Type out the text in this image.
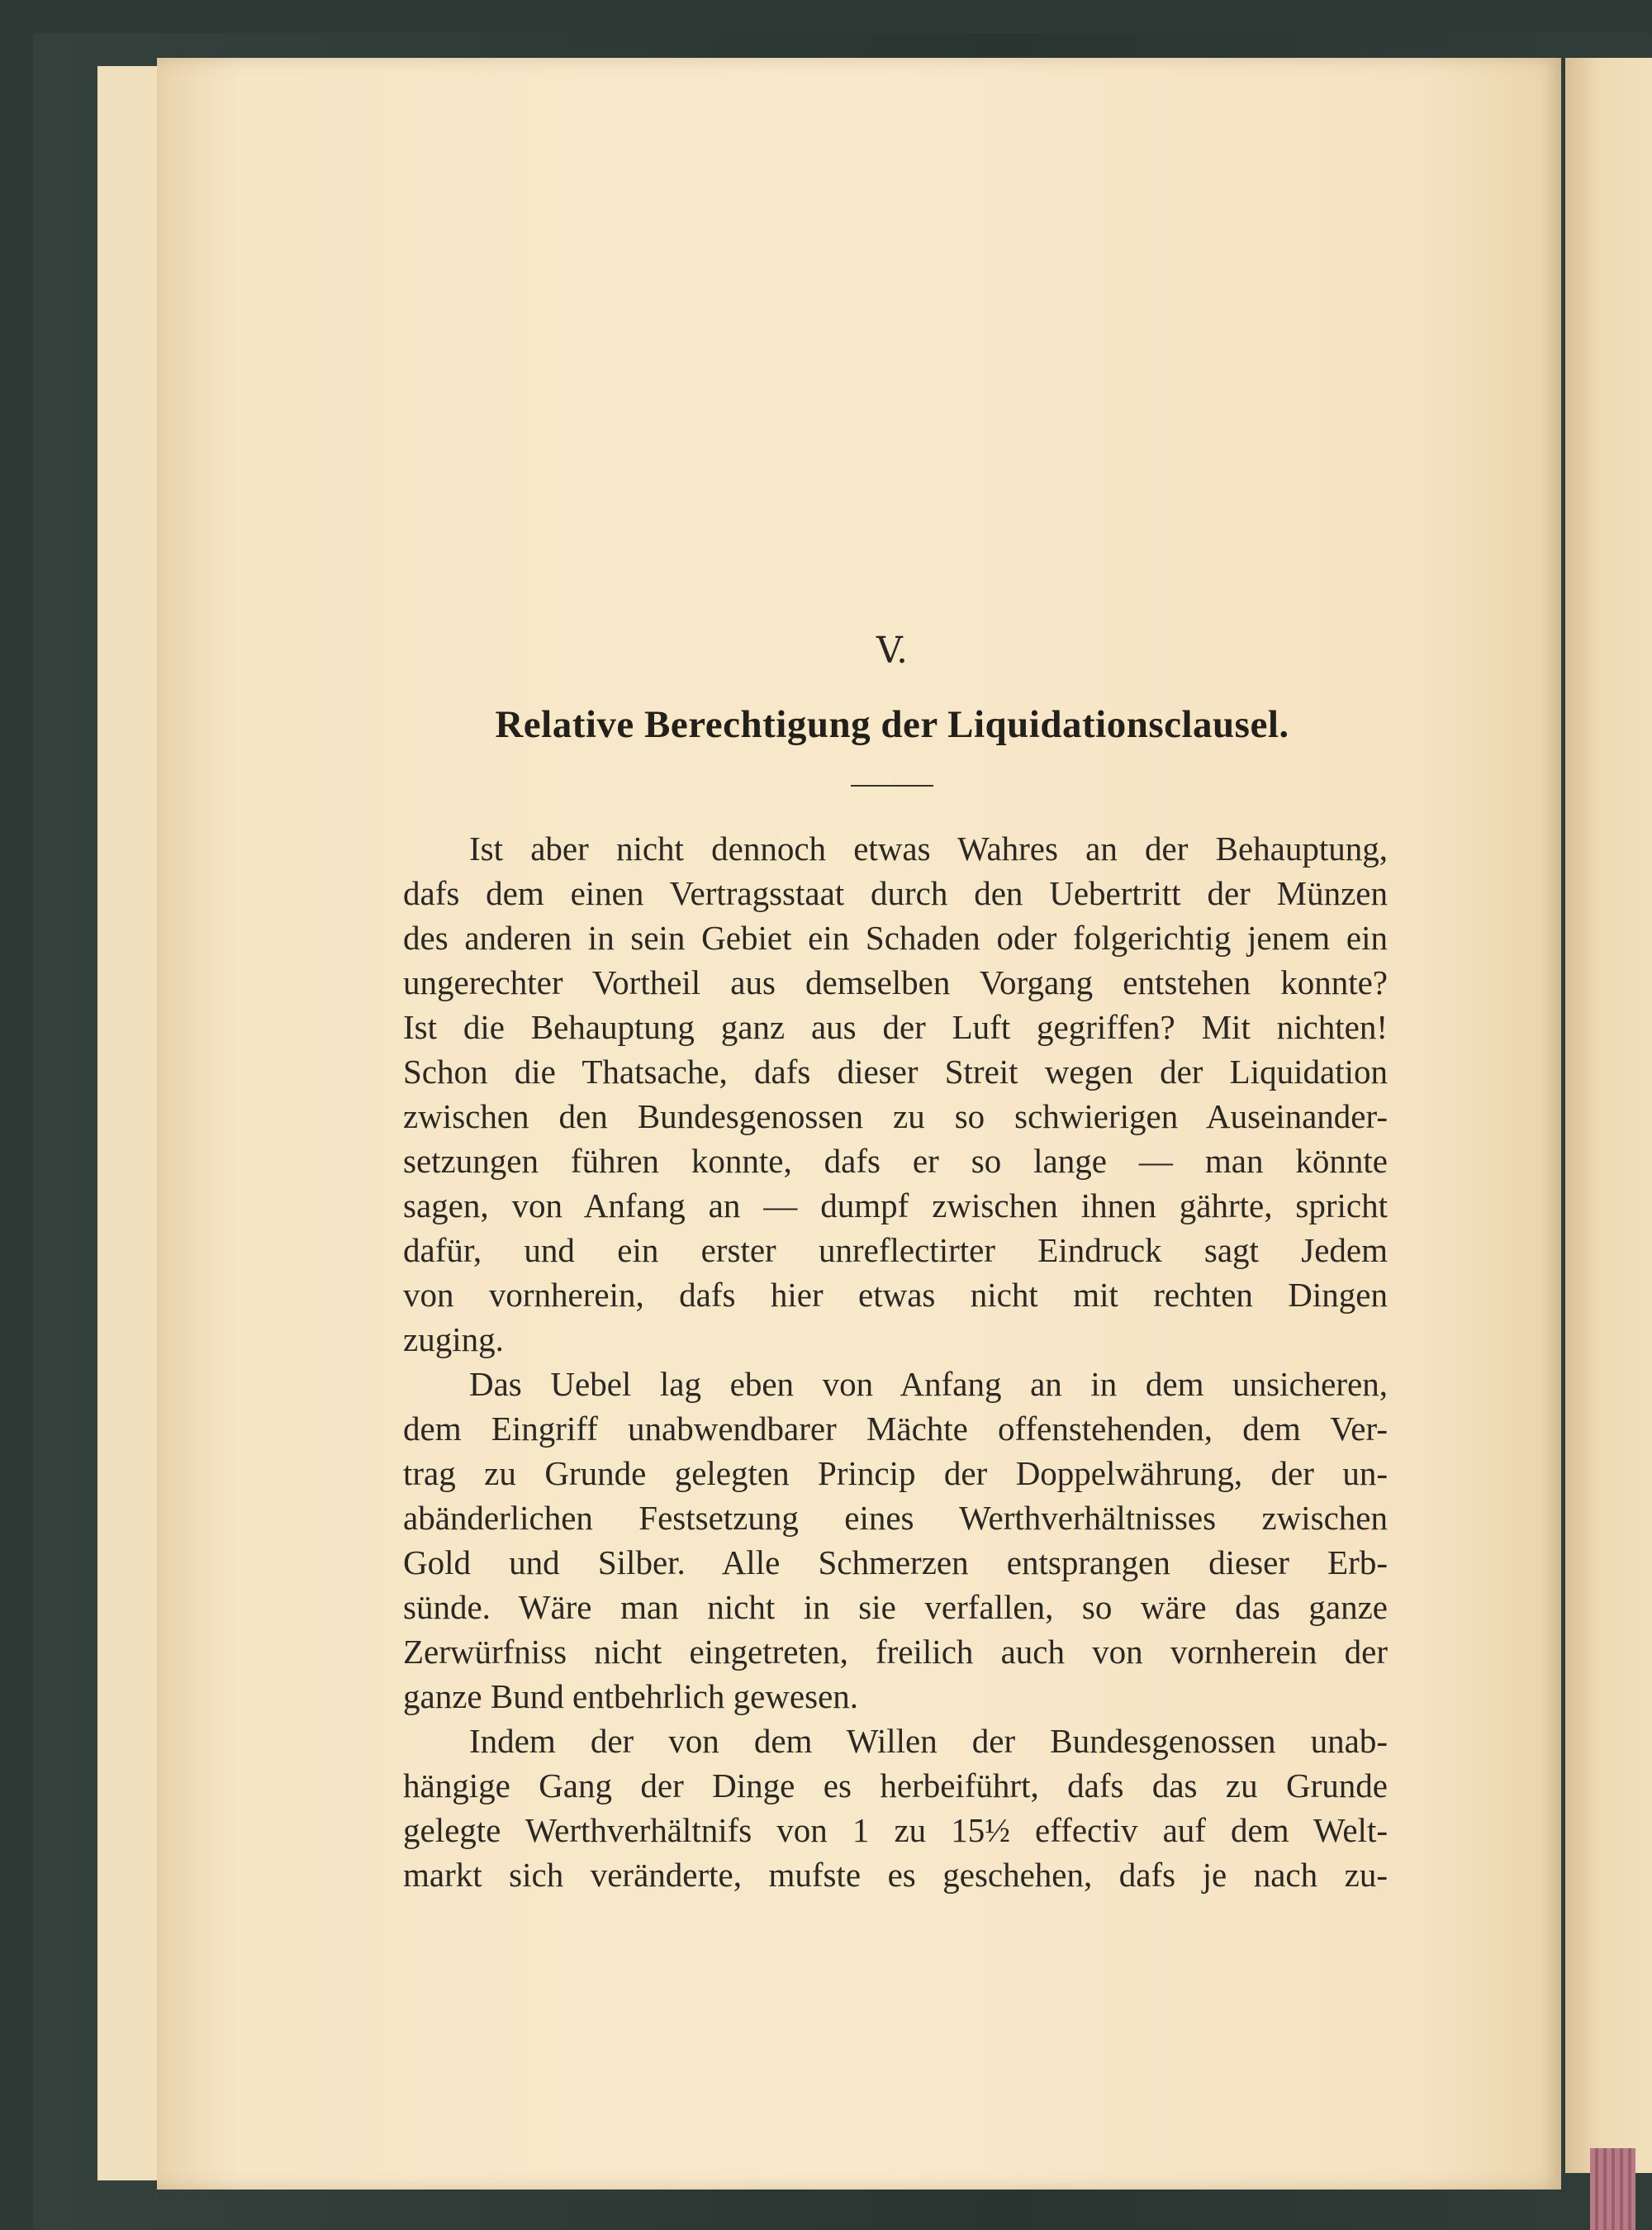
V.
Relative Berechtigung der Liquidationsclausel.
Ist aber nicht dennoch etwas Wahres an der Behauptung,
dafs dem einen Vertragsstaat durch den Uebertritt der Münzen
des anderen in sein Gebiet ein Schaden oder folgerichtig jenem ein
ungerechter Vortheil aus demselben Vorgang entstehen konnte?
Ist die Behauptung ganz aus der Luft gegriffen? Mit nichten!
Schon die Thatsache, dafs dieser Streit wegen der Liquidation
zwischen den Bundesgenossen zu so schwierigen Auseinander-
setzungen führen konnte, dafs er so lange — man könnte
sagen, von Anfang an — dumpf zwischen ihnen gährte, spricht
dafür, und ein erster unreflectirter Eindruck sagt Jedem
von vornherein, dafs hier etwas nicht mit rechten Dingen
zuging.
Das Uebel lag eben von Anfang an in dem unsicheren,
dem Eingriff unabwendbarer Mächte offenstehenden, dem Ver-
trag zu Grunde gelegten Princip der Doppelwährung, der un-
abänderlichen Festsetzung eines Werthverhältnisses zwischen
Gold und Silber. Alle Schmerzen entsprangen dieser Erb-
sünde. Wäre man nicht in sie verfallen, so wäre das ganze
Zerwürfniss nicht eingetreten, freilich auch von vornherein der
ganze Bund entbehrlich gewesen.
Indem der von dem Willen der Bundesgenossen unab-
hängige Gang der Dinge es herbeiführt, dafs das zu Grunde
gelegte Werthverhältnifs von 1 zu 15½ effectiv auf dem Welt-
markt sich veränderte, mufste es geschehen, dafs je nach zu-
